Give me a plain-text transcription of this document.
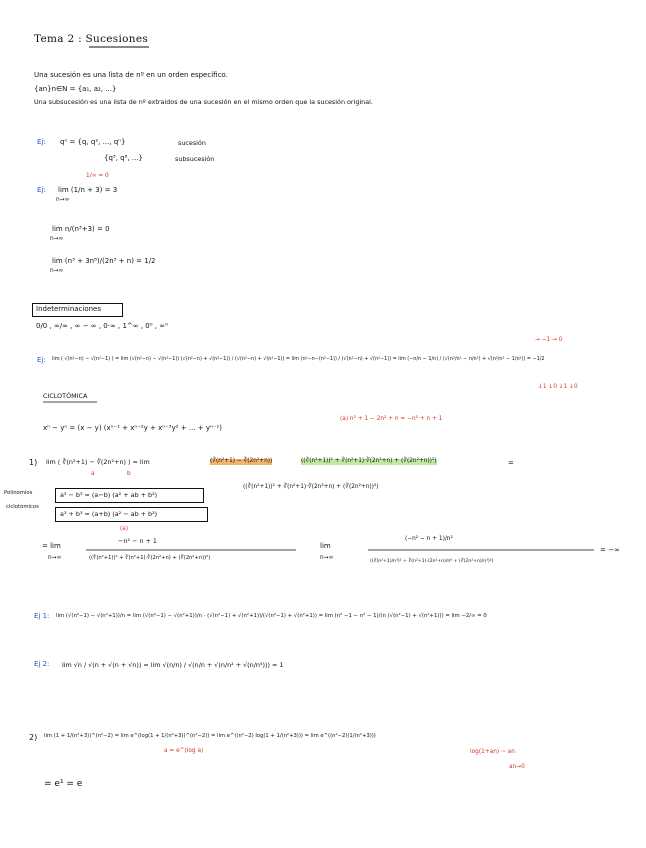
Tema 2 : Sucesiones
Una sucesión es una lista de nº en un orden específico.
{an}n∈N = {a₁, a₂, ...}
Una subsucesión es una lista de nº extraidos de una sucesión en el mismo orden que la sucesión original.
Ej: qⁿ = {q, q², ..., qⁿ}	sucesión
{q³, q⁶, ...}	subsucesión
Ej:
1/∞ = 0
lim (1/n + 3) = 3
n→∞
lim n/(n³+3) = 0
n→∞
lim (n³ + 3n⁸)/(2n³ + n) = 1/2
n→∞
Indeterminaciones
0/0 , ∞/∞ , ∞ − ∞ , 0·∞ , 1^∞ , 0⁰ , ∞⁰
Ej:
→ −1 → 0
lim ( √(n²−n) − √(n²−1) ) = lim (√(n²−n) − √(n²−1)) (√(n²−n) + √(n²−1)) / (√(n²−n) + √(n²−1)) = lim (n²−n−(n²−1)) / (√(n²−n) + √(n²−1)) = lim (−n/n − 1/n) / (√(n²/n² − n/n²) + √(n²/n² − 1/n²)) = −1/2
↓1 ↓0 ↓1 ↓0
CICLOTÓMICA
xⁿ − yⁿ = (x − y) (xⁿ⁻¹ + xⁿ⁻²y + xⁿ⁻³y² + ... + yⁿ⁻¹)
(a) n² + 1 − 2n² + n = −n² + n + 1
1) lim ( ∛(n²+1) − ∛(2n²+n) ) = lim
a	b
(∛(n²+1) − ∛(2n²+n))	((∛(n²+1))² + ∛(n²+1)·∛(2n²+n) + (∛(2n²+n))²)	=
((∛(n²+1))² + ∛(n²+1)·∛(2n²+n) + (∛(2n²+n))²)
Polinomios
ciclotómicos
a³ − b³ = (a−b) (a² + ab + b²)
a³ + b³ = (a+b) (a² − ab + b²)
(a)
= lim
n→∞
−n² − n + 1
((∛(n²+1))² + ∛(n²+1)·∛(2n²+n) + (∛(2n²+n))²)
lim
n→∞
(−n² − n + 1)/n²
((∛(n²+1)/n³)² + ∛(n²+1)·(2n²+n)/n⁶ + (∛(2n²+n)/n³)²)
= −∞
Ej 1: lim (√(n²−1) − √(n²+1))/n = lim (√(n²−1) − √(n²+1))/n · (√(n²−1) + √(n²+1))/(√(n²−1) + √(n²+1)) = lim (n² −1 − n² − 1)/(n (√(n²−1) + √(n²+1))) = lim −2/∞ = 0
Ej 2: lim √n / √(n + √(n + √n)) = lim √(n/n) / √(n/n + √(n/n² + √(n/n⁴))) = 1
2) lim (1 + 1/(n²+3))^(n²−2) = lim e^(log(1 + 1/(n²+3))^(n²−2)) = lim e^((n²−2) log(1 + 1/(n²+3))) = lim e^((n²−2)(1/(n²+3)))
a = e^(log a)	log(1+an) ~ an
an→0
= e¹ = e
